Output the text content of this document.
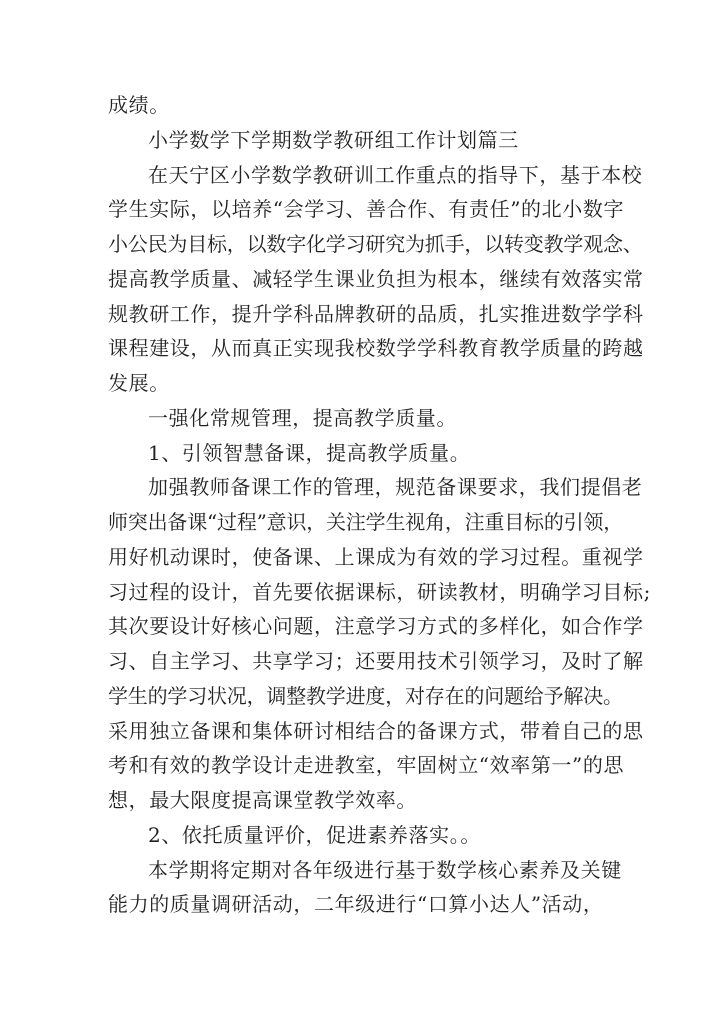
成绩。
小学数学下学期数学教研组工作计划篇三
在天宁区小学数学教研训工作重点的指导下，基于本校
学生实际，以培养“会学习、善合作、有责任”的北小数字
小公民为目标，以数字化学习研究为抓手，以转变教学观念、
提高教学质量、减轻学生课业负担为根本，继续有效落实常
规教研工作，提升学科品牌教研的品质，扎实推进数学学科
课程建设，从而真正实现我校数学学科教育教学质量的跨越
发展。
一强化常规管理，提高教学质量。
1、引领智慧备课，提高教学质量。
加强教师备课工作的管理，规范备课要求，我们提倡老
师突出备课“过程”意识，关注学生视角，注重目标的引领，
用好机动课时，使备课、上课成为有效的学习过程。重视学
习过程的设计，首先要依据课标，研读教材，明确学习目标;
其次要设计好核心问题，注意学习方式的多样化，如合作学
习、自主学习、共享学习；还要用技术引领学习，及时了解
学生的学习状况，调整教学进度，对存在的问题给予解决。
采用独立备课和集体研讨相结合的备课方式，带着自己的思
考和有效的教学设计走进教室，牢固树立“效率第一”的思
想，最大限度提高课堂教学效率。
2、依托质量评价，促进素养落实。。
本学期将定期对各年级进行基于数学核心素养及关键
能力的质量调研活动，二年级进行“口算小达人”活动，
